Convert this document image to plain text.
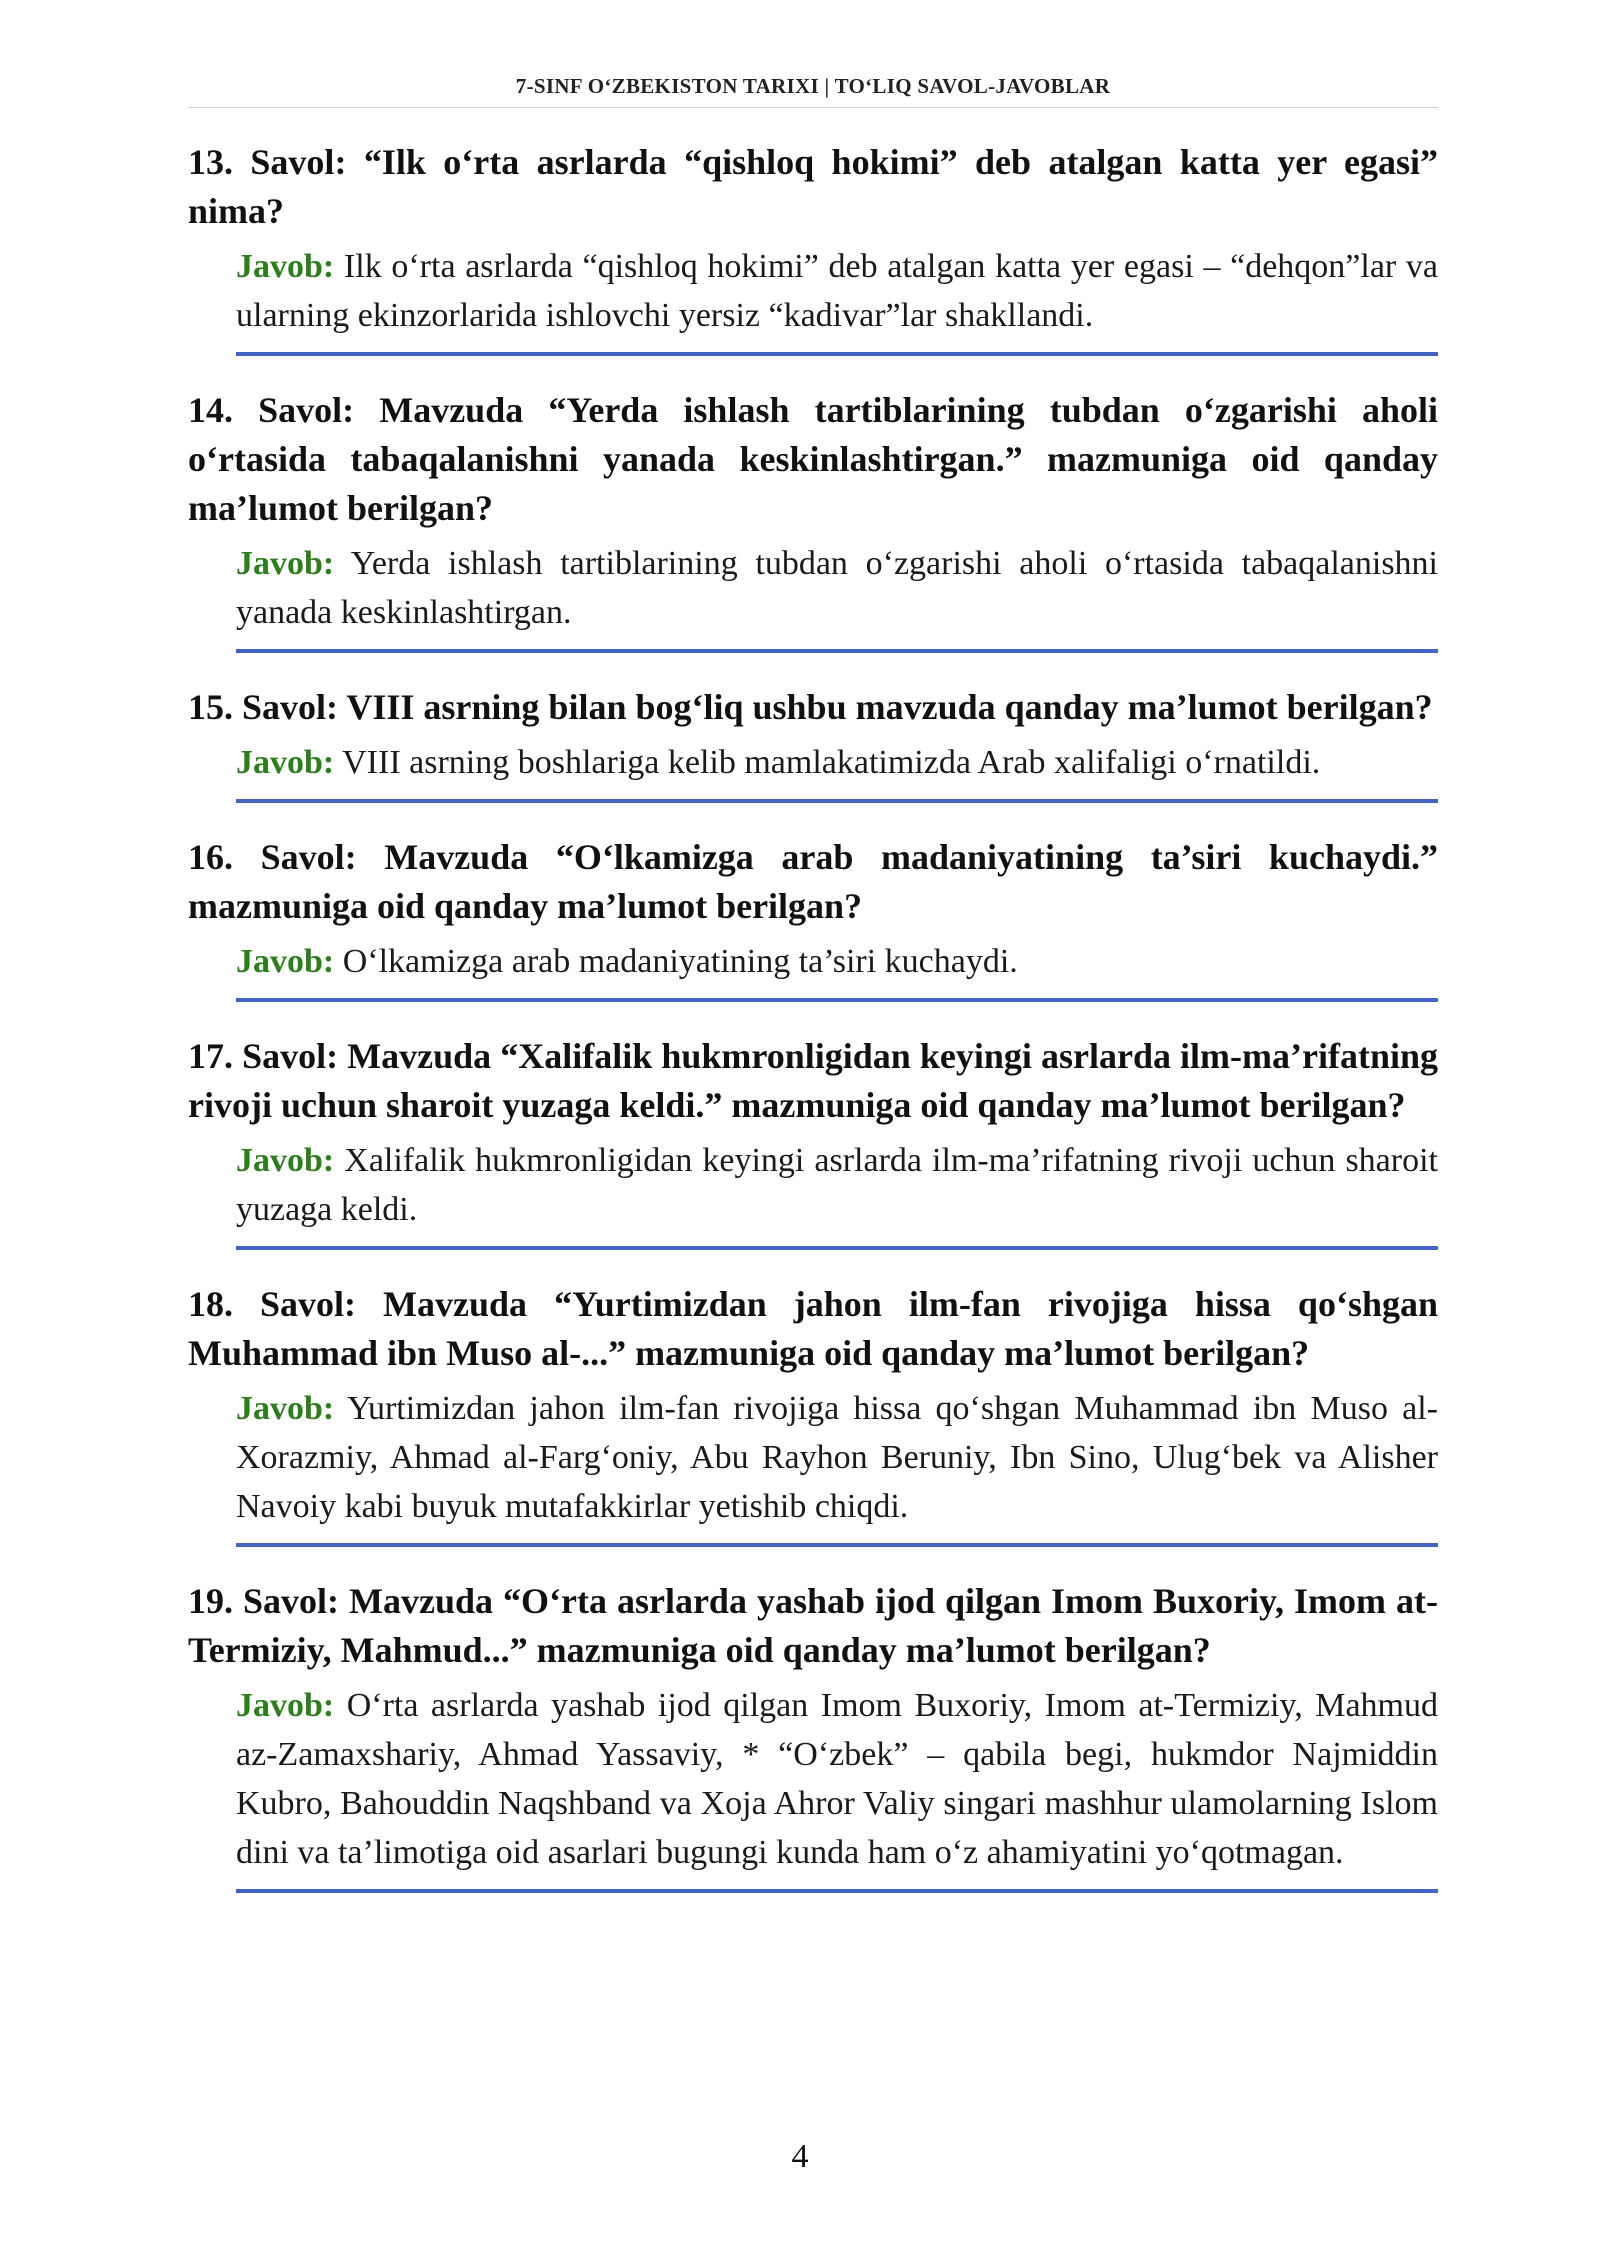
7-SINF O‘ZBEKISTON TARIXI | TO‘LIQ SAVOL-JAVOBLAR

13. Savol: “Ilk o‘rta asrlarda “qishloq hokimi” deb atalgan katta yer egasi” nima?

Javob: Ilk o‘rta asrlarda “qishloq hokimi” deb atalgan katta yer egasi – “dehqon”lar va ularning ekinzorlarida ishlovchi yersiz “kadivar”lar shakllandi.

14. Savol: Mavzuda “Yerda ishlash tartiblarining tubdan o‘zgarishi aholi o‘rtasida tabaqalanishni yanada keskinlashtirgan.” mazmuniga oid qanday ma’lumot berilgan?

Javob: Yerda ishlash tartiblarining tubdan o‘zgarishi aholi o‘rtasida tabaqalanishni yanada keskinlashtirgan.

15. Savol: VIII asrning bilan bog‘liq ushbu mavzuda qanday ma’lumot berilgan?

Javob: VIII asrning boshlariga kelib mamlakatimizda Arab xalifaligi o‘rnatildi.

16. Savol: Mavzuda “O‘lkamizga arab madaniyatining ta’siri kuchaydi.” mazmuniga oid qanday ma’lumot berilgan?

Javob: O‘lkamizga arab madaniyatining ta’siri kuchaydi.

17. Savol: Mavzuda “Xalifalik hukmronligidan keyingi asrlarda ilm-ma’rifatning rivoji uchun sharoit yuzaga keldi.” mazmuniga oid qanday ma’lumot berilgan?

Javob: Xalifalik hukmronligidan keyingi asrlarda ilm-ma’rifatning rivoji uchun sharoit yuzaga keldi.

18. Savol: Mavzuda “Yurtimizdan jahon ilm-fan rivojiga hissa qo‘shgan Muhammad ibn Muso al-...” mazmuniga oid qanday ma’lumot berilgan?

Javob: Yurtimizdan jahon ilm-fan rivojiga hissa qo‘shgan Muhammad ibn Muso al- Xorazmiy, Ahmad al-Farg‘oniy, Abu Rayhon Beruniy, Ibn Sino, Ulug‘bek va Alisher Navoiy kabi buyuk mutafakkirlar yetishib chiqdi.

19. Savol: Mavzuda “O‘rta asrlarda yashab ijod qilgan Imom Buxoriy, Imom at-Termiziy, Mahmud...” mazmuniga oid qanday ma’lumot berilgan?

Javob: O‘rta asrlarda yashab ijod qilgan Imom Buxoriy, Imom at-Termiziy, Mahmud az-Zamaxshariy, Ahmad Yassaviy, * “O‘zbek” – qabila begi, hukmdor Najmiddin Kubro, Bahouddin Naqshband va Xoja Ahror Valiy singari mashhur ulamolarning Islom dini va ta’limotiga oid asarlari bugungi kunda ham o‘z ahamiyatini yo‘qotmagan.
4
